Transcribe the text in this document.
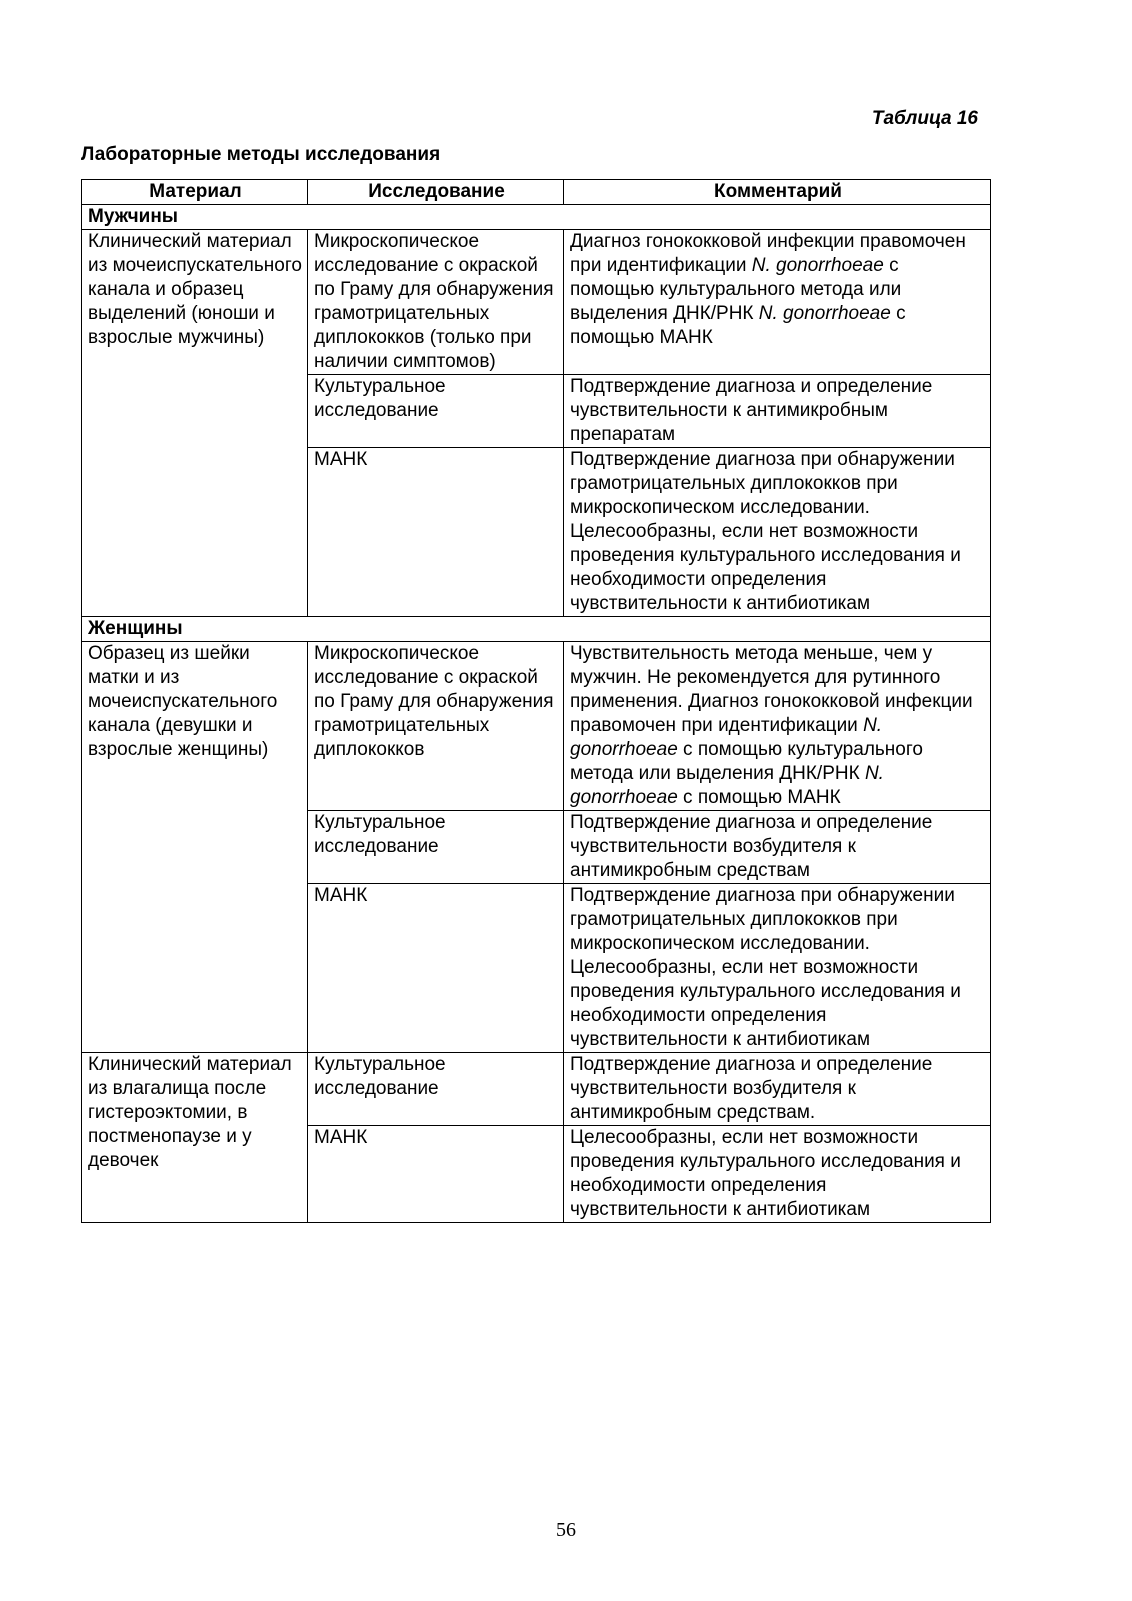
Таблица 16
Лабораторные методы исследования
Материал	Исследование	Комментарий
Мужчины		
Клинический материал из мочеиспускательного канала и образец выделений (юноши и взрослые мужчины)	Микроскопическое исследование с окраской по Граму для обнаружения грамотрицательных диплококков (только при наличии симптомов)	Диагноз гонококковой инфекции правомочен при идентификации N. gonorrhoeae с помощью культурального метода или выделения ДНК/РНК N. gonorrhoeae с помощью МАНК
	Культуральное исследование	Подтверждение диагноза и определение чувствительности к антимикробным препаратам
	МАНК	Подтверждение диагноза при обнаружении грамотрицательных диплококков при микроскопическом исследовании. Целесообразны, если нет возможности проведения культурального исследования и необходимости определения чувствительности к антибиотикам
Женщины		
Образец из шейки матки и из мочеиспускательного канала (девушки и взрослые женщины)	Микроскопическое исследование с окраской по Граму для обнаружения грамотрицательных диплококков	Чувствительность метода меньше, чем у мужчин. Не рекомендуется для рутинного применения. Диагноз гонококковой инфекции правомочен при идентификации N. gonorrhoeae с помощью культурального метода или выделения ДНК/РНК N. gonorrhoeae с помощью МАНК
	Культуральное исследование	Подтверждение диагноза и определение чувствительности возбудителя к антимикробным средствам
	МАНК	Подтверждение диагноза при обнаружении грамотрицательных диплококков при микроскопическом исследовании. Целесообразны, если нет возможности проведения культурального исследования и необходимости определения чувствительности к антибиотикам
Клинический материал из влагалища после гистероэктомии, в постменопаузе и у девочек	Культуральное исследование	Подтверждение диагноза и определение чувствительности возбудителя к антимикробным средствам.
	МАНК	Целесообразны, если нет возможности проведения культурального исследования и необходимости определения чувствительности к антибиотикам
56
